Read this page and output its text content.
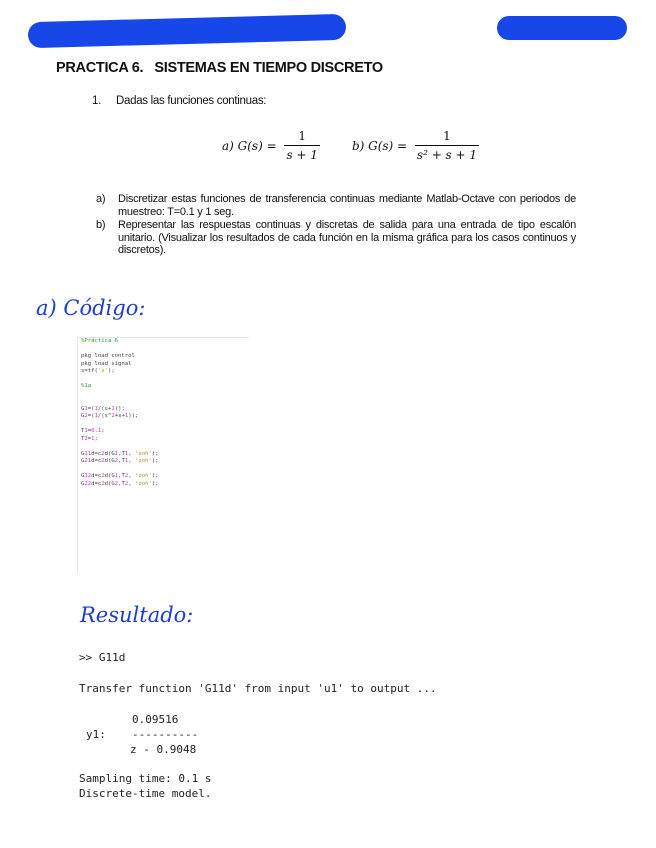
PRACTICA 6.   SISTEMAS EN TIEMPO DISCRETO
1. Dadas las funciones continuas:
a) $G(s) = \frac{1}{s + 1}$	b) $G(s) = \frac{1}{\text{s² + s + 1}}$
a)	Discretizar estas funciones de transferencia continuas mediante Matlab-Octave con periodos de muestreo: T=0.1 y 1 seg.
b)	Representar las respuestas continuas y discretas de salida para una entrada de tipo escalón unitario. (Visualizar los resultados de cada función en la misma gráfica para los casos continuos y discretos).
a) Código:
%Práctica 6
pkg load control
pkg load signal
s=tf('s');
%1a
G1=(1/(s+1));
G2=(1/(s^2+s+1));
T1=0.1;
T2=1;
G11d=c2d(G1,T1, 'zoh');
G21d=c2d(G2,T1, 'zoh');
G12d=c2d(G1,T2, 'zoh');
G22d=c2d(G2,T2, 'zoh');
Resultado:
>> G11d
Transfer function 'G11d' from input 'u1' to output ...
0.09516
y1: ----------
z - 0.9048
Sampling time: 0.1 s
Discrete-time model.
